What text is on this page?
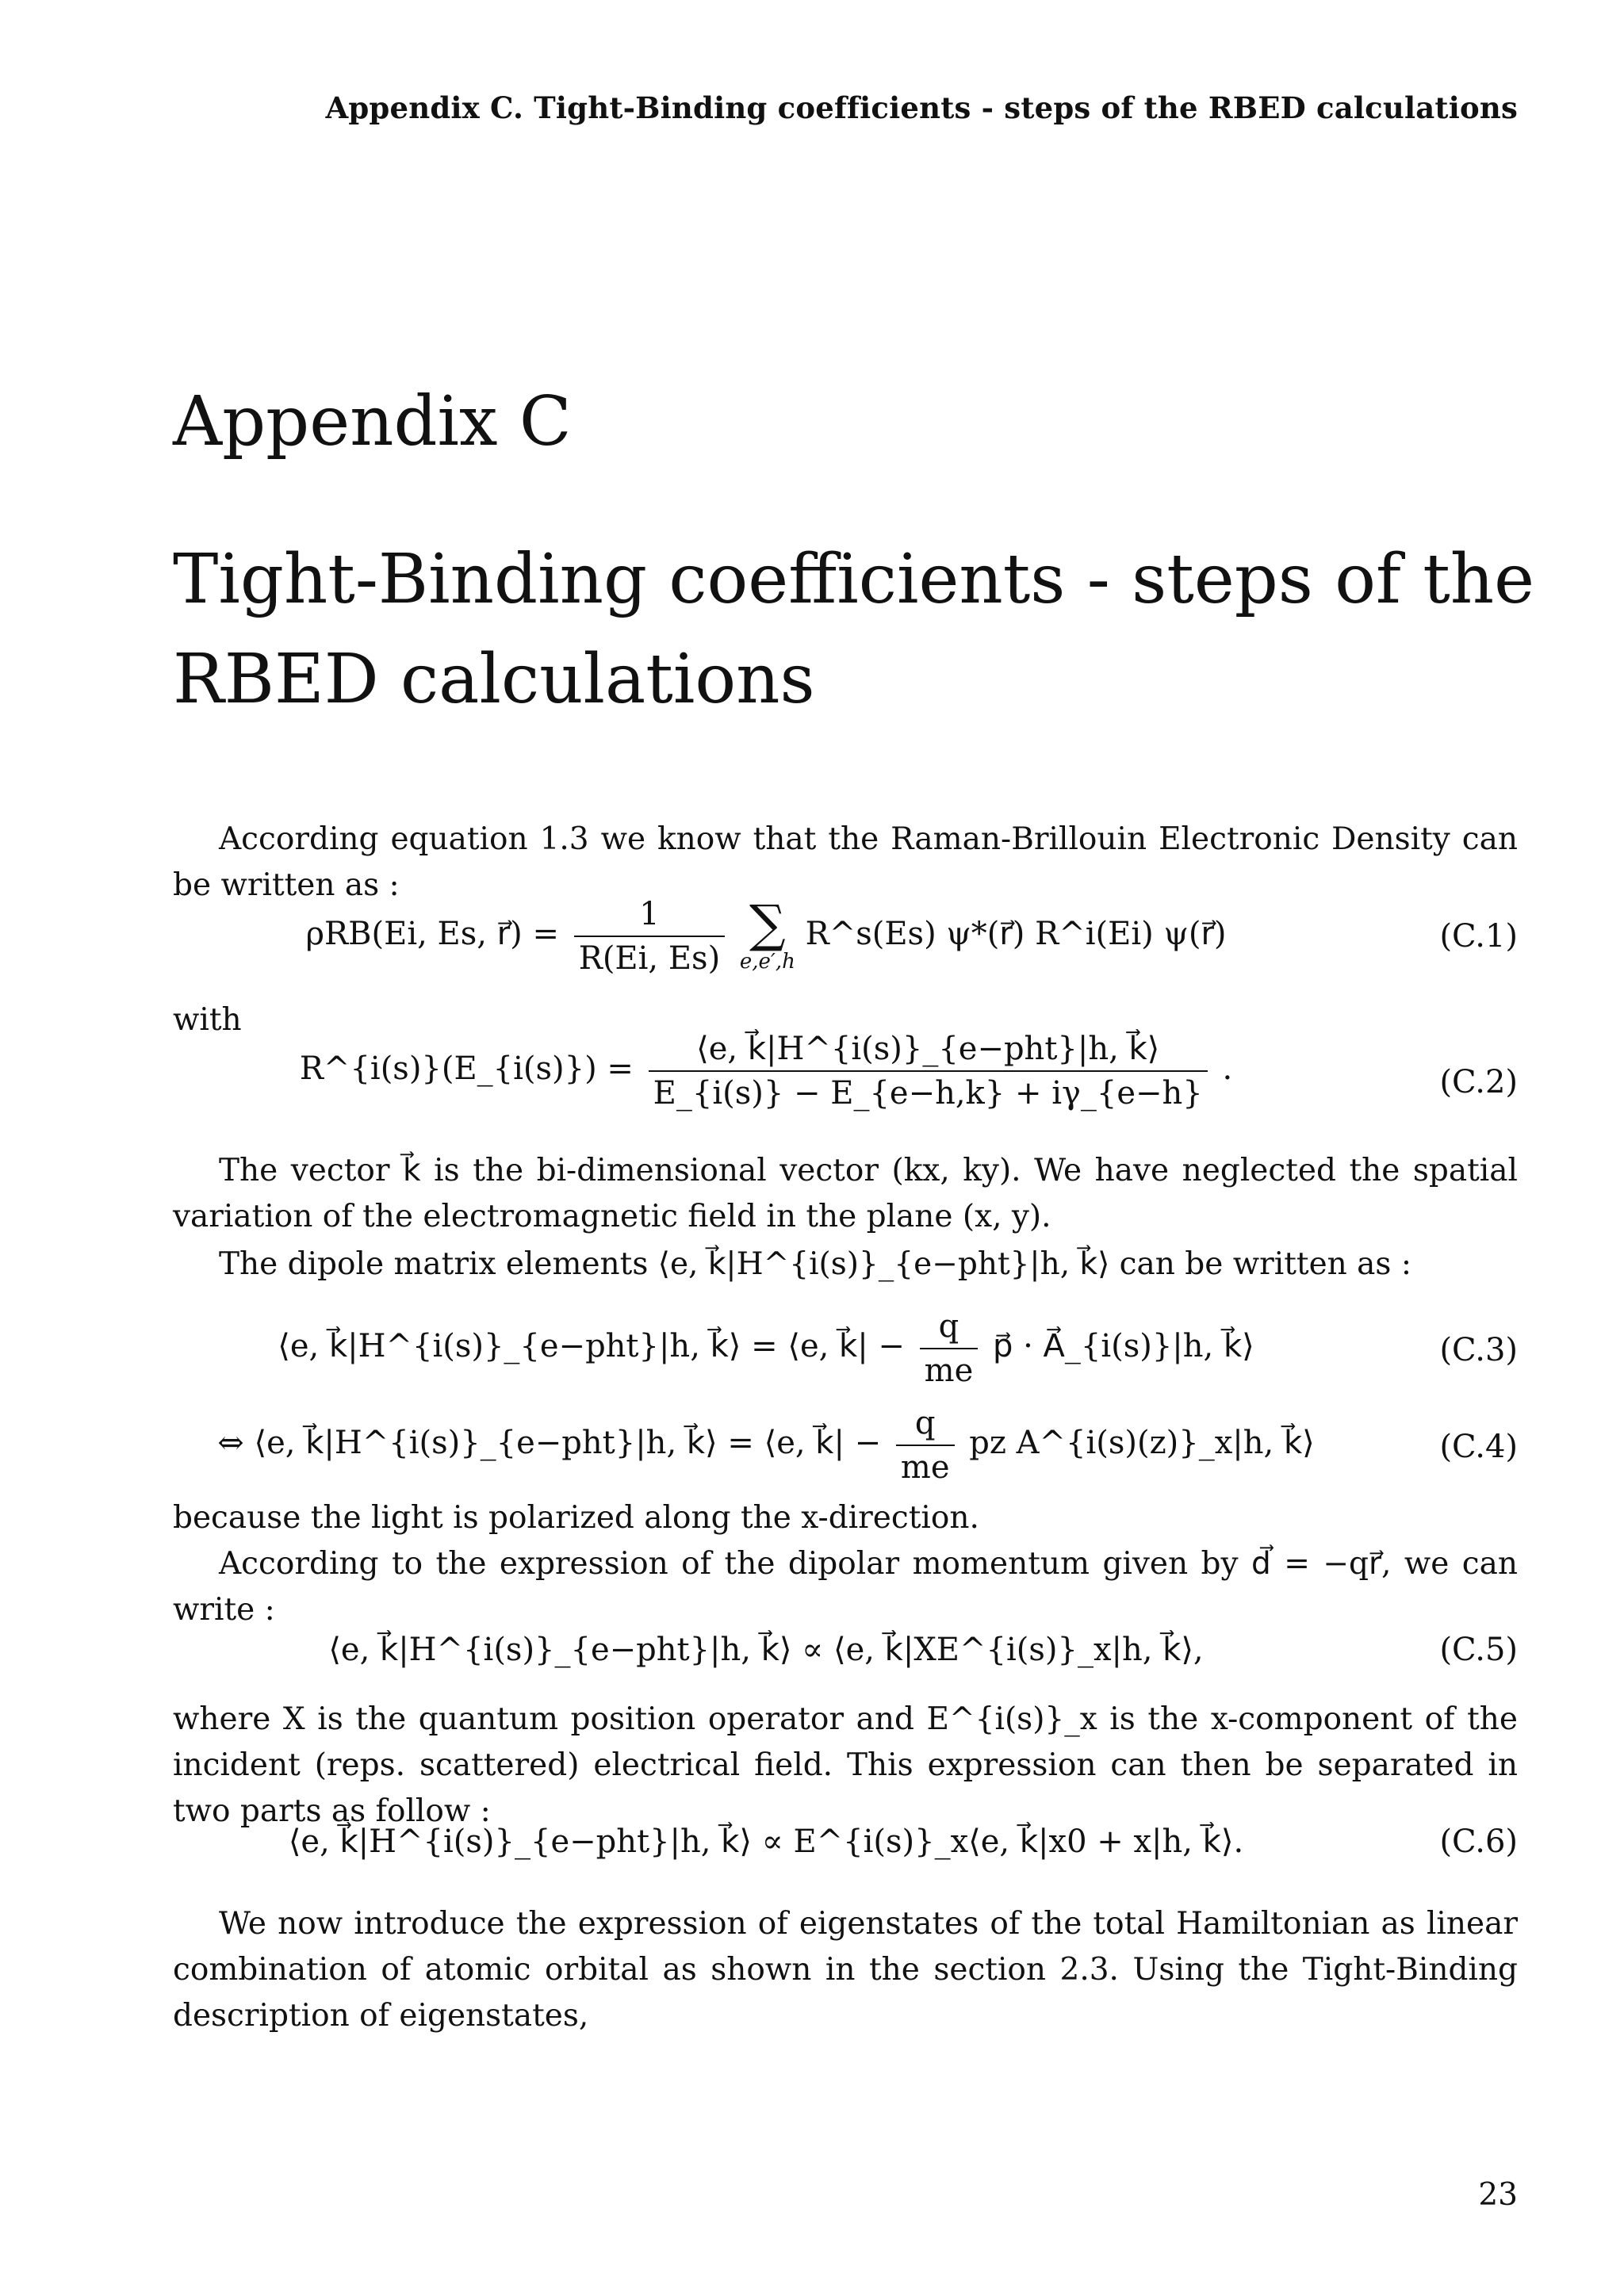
Appendix C. Tight-Binding coefficients - steps of the RBED calculations
Appendix C
Tight-Binding coefficients - steps of the RBED calculations
According equation 1.3 we know that the Raman-Brillouin Electronic Density can be written as :
ρRB(Ei, Es, r⃗) = $\frac{1}{R(Ei, Es)}$
∑
e,e′,h
R^s(Es) ψ*(r⃗) R^i(Ei) ψ(r⃗)	(C.1)
with
R^{i(s)}(E_{i(s)}) = $\frac{\text{⟨e, k⃗|H\textasciicircum{}\{i(s)\}\_\{e−pht\}|h, k⃗⟩}}{E\_\{i(s)\} - E\_\{e-h,k\} + i\gamma\_\{e-h\}}$ .	(C.2)
The vector k⃗ is the bi-dimensional vector (kx, ky). We have neglected the spatial variation of the electromagnetic field in the plane (x, y).
The dipole matrix elements ⟨e, k⃗|H^{i(s)}_{e−pht}|h, k⃗⟩ can be written as :
⟨e, k⃗|H^{i(s)}_{e−pht}|h, k⃗⟩ = ⟨e, k⃗| − $\frac{q}{me}$ p⃗ · A⃗_{i(s)}|h, k⃗⟩	(C.3)
⇔ ⟨e, k⃗|H^{i(s)}_{e−pht}|h, k⃗⟩ = ⟨e, k⃗| − $\frac{q}{me}$ pz A^{i(s)(z)}_x|h, k⃗⟩	(C.4)
because the light is polarized along the x-direction.
According to the expression of the dipolar momentum given by d⃗ = −qr⃗, we can write :
⟨e, k⃗|H^{i(s)}_{e−pht}|h, k⃗⟩ ∝ ⟨e, k⃗|XE^{i(s)}_x|h, k⃗⟩,	(C.5)
where X is the quantum position operator and E^{i(s)}_x is the x-component of the incident (reps. scattered) electrical field. This expression can then be separated in two parts as follow :
⟨e, k⃗|H^{i(s)}_{e−pht}|h, k⃗⟩ ∝ E^{i(s)}_x⟨e, k⃗|x0 + x|h, k⃗⟩.	(C.6)
We now introduce the expression of eigenstates of the total Hamiltonian as linear combination of atomic orbital as shown in the section 2.3. Using the Tight-Binding description of eigenstates,
23
